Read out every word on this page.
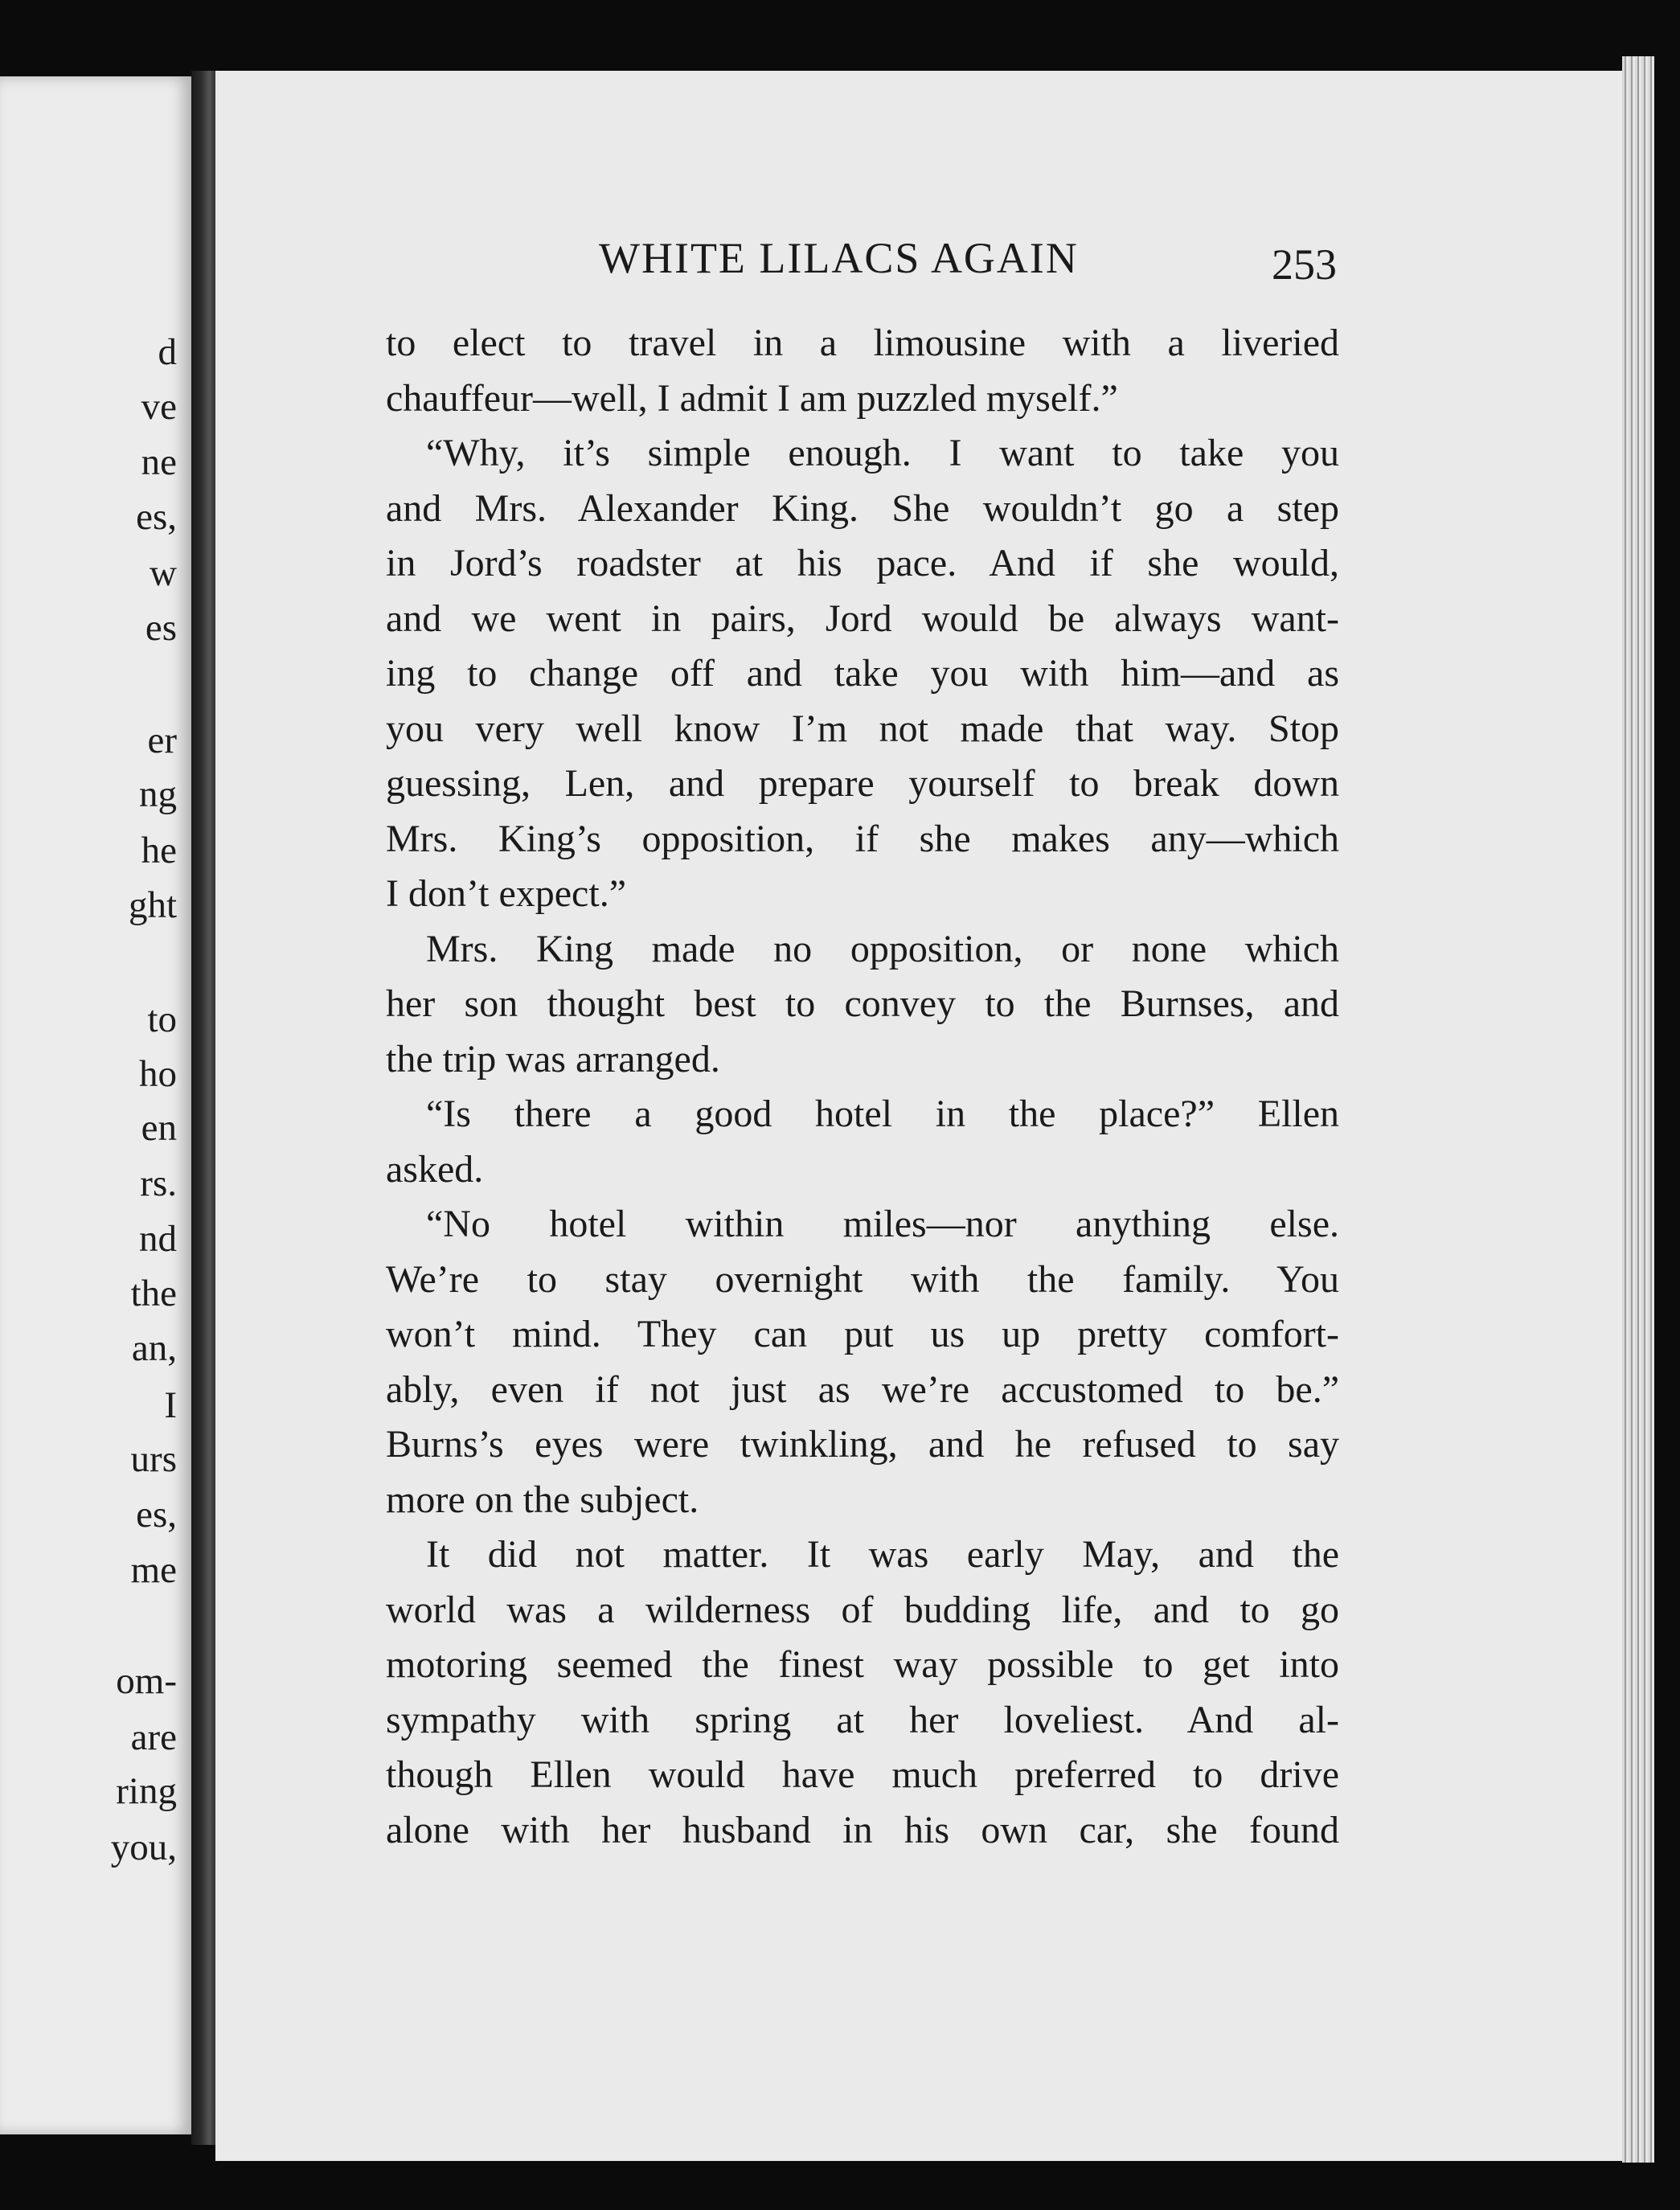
d
ve
ne
es,
w
es
er
ng
he
ght
to
ho
en
rs.
nd
the
an,
I
urs
es,
me
om-
are
ring
you,
WHITE LILACS AGAIN	253
to elect to travel in a limousine with a liveried
chauffeur—well, I admit I am puzzled myself.”
“Why, it’s simple enough. I want to take you
and Mrs. Alexander King. She wouldn’t go a step
in Jord’s roadster at his pace. And if she would,
and we went in pairs, Jord would be always want-
ing to change off and take you with him—and as
you very well know I’m not made that way. Stop
guessing, Len, and prepare yourself to break down
Mrs. King’s opposition, if she makes any—which
I don’t expect.”
Mrs. King made no opposition, or none which
her son thought best to convey to the Burnses, and
the trip was arranged.
“Is there a good hotel in the place?” Ellen
asked.
“No hotel within miles—nor anything else.
We’re to stay overnight with the family. You
won’t mind. They can put us up pretty comfort-
ably, even if not just as we’re accustomed to be.”
Burns’s eyes were twinkling, and he refused to say
more on the subject.
It did not matter. It was early May, and the
world was a wilderness of budding life, and to go
motoring seemed the finest way possible to get into
sympathy with spring at her loveliest. And al-
though Ellen would have much preferred to drive
alone with her husband in his own car, she found
